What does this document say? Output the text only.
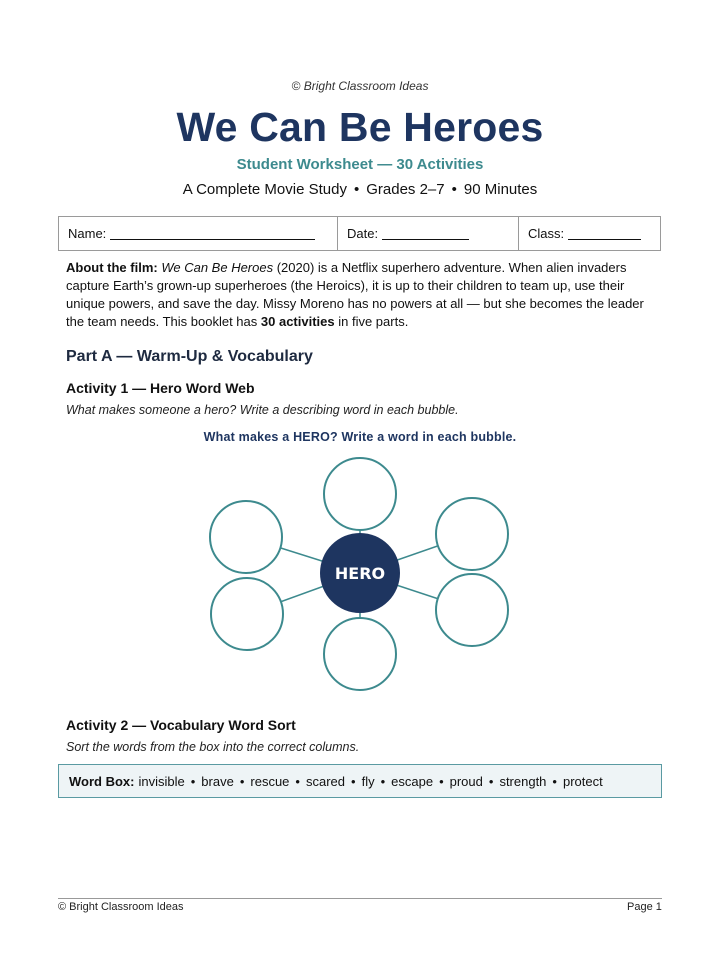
© Bright Classroom Ideas
We Can Be Heroes
Student Worksheet — 30 Activities
A Complete Movie Study • Grades 2–7 • 90 Minutes
Name:	Date:	Class:
About the film: We Can Be Heroes (2020) is a Netflix superhero adventure. When alien invaders capture Earth’s grown-up superheroes (the Heroics), it is up to their children to team up, use their unique powers, and save the day. Missy Moreno has no powers at all — but she becomes the leader the team needs. This booklet has 30 activities in five parts.
Part A — Warm-Up & Vocabulary
Activity 1 — Hero Word Web
What makes someone a hero? Write a describing word in each bubble.
What makes a HERO? Write a word in each bubble.
HERO
Activity 2 — Vocabulary Word Sort
Sort the words from the box into the correct columns.
Word Box: invisible • brave • rescue • scared • fly • escape • proud • strength • protect
© Bright Classroom Ideas	Page 1
